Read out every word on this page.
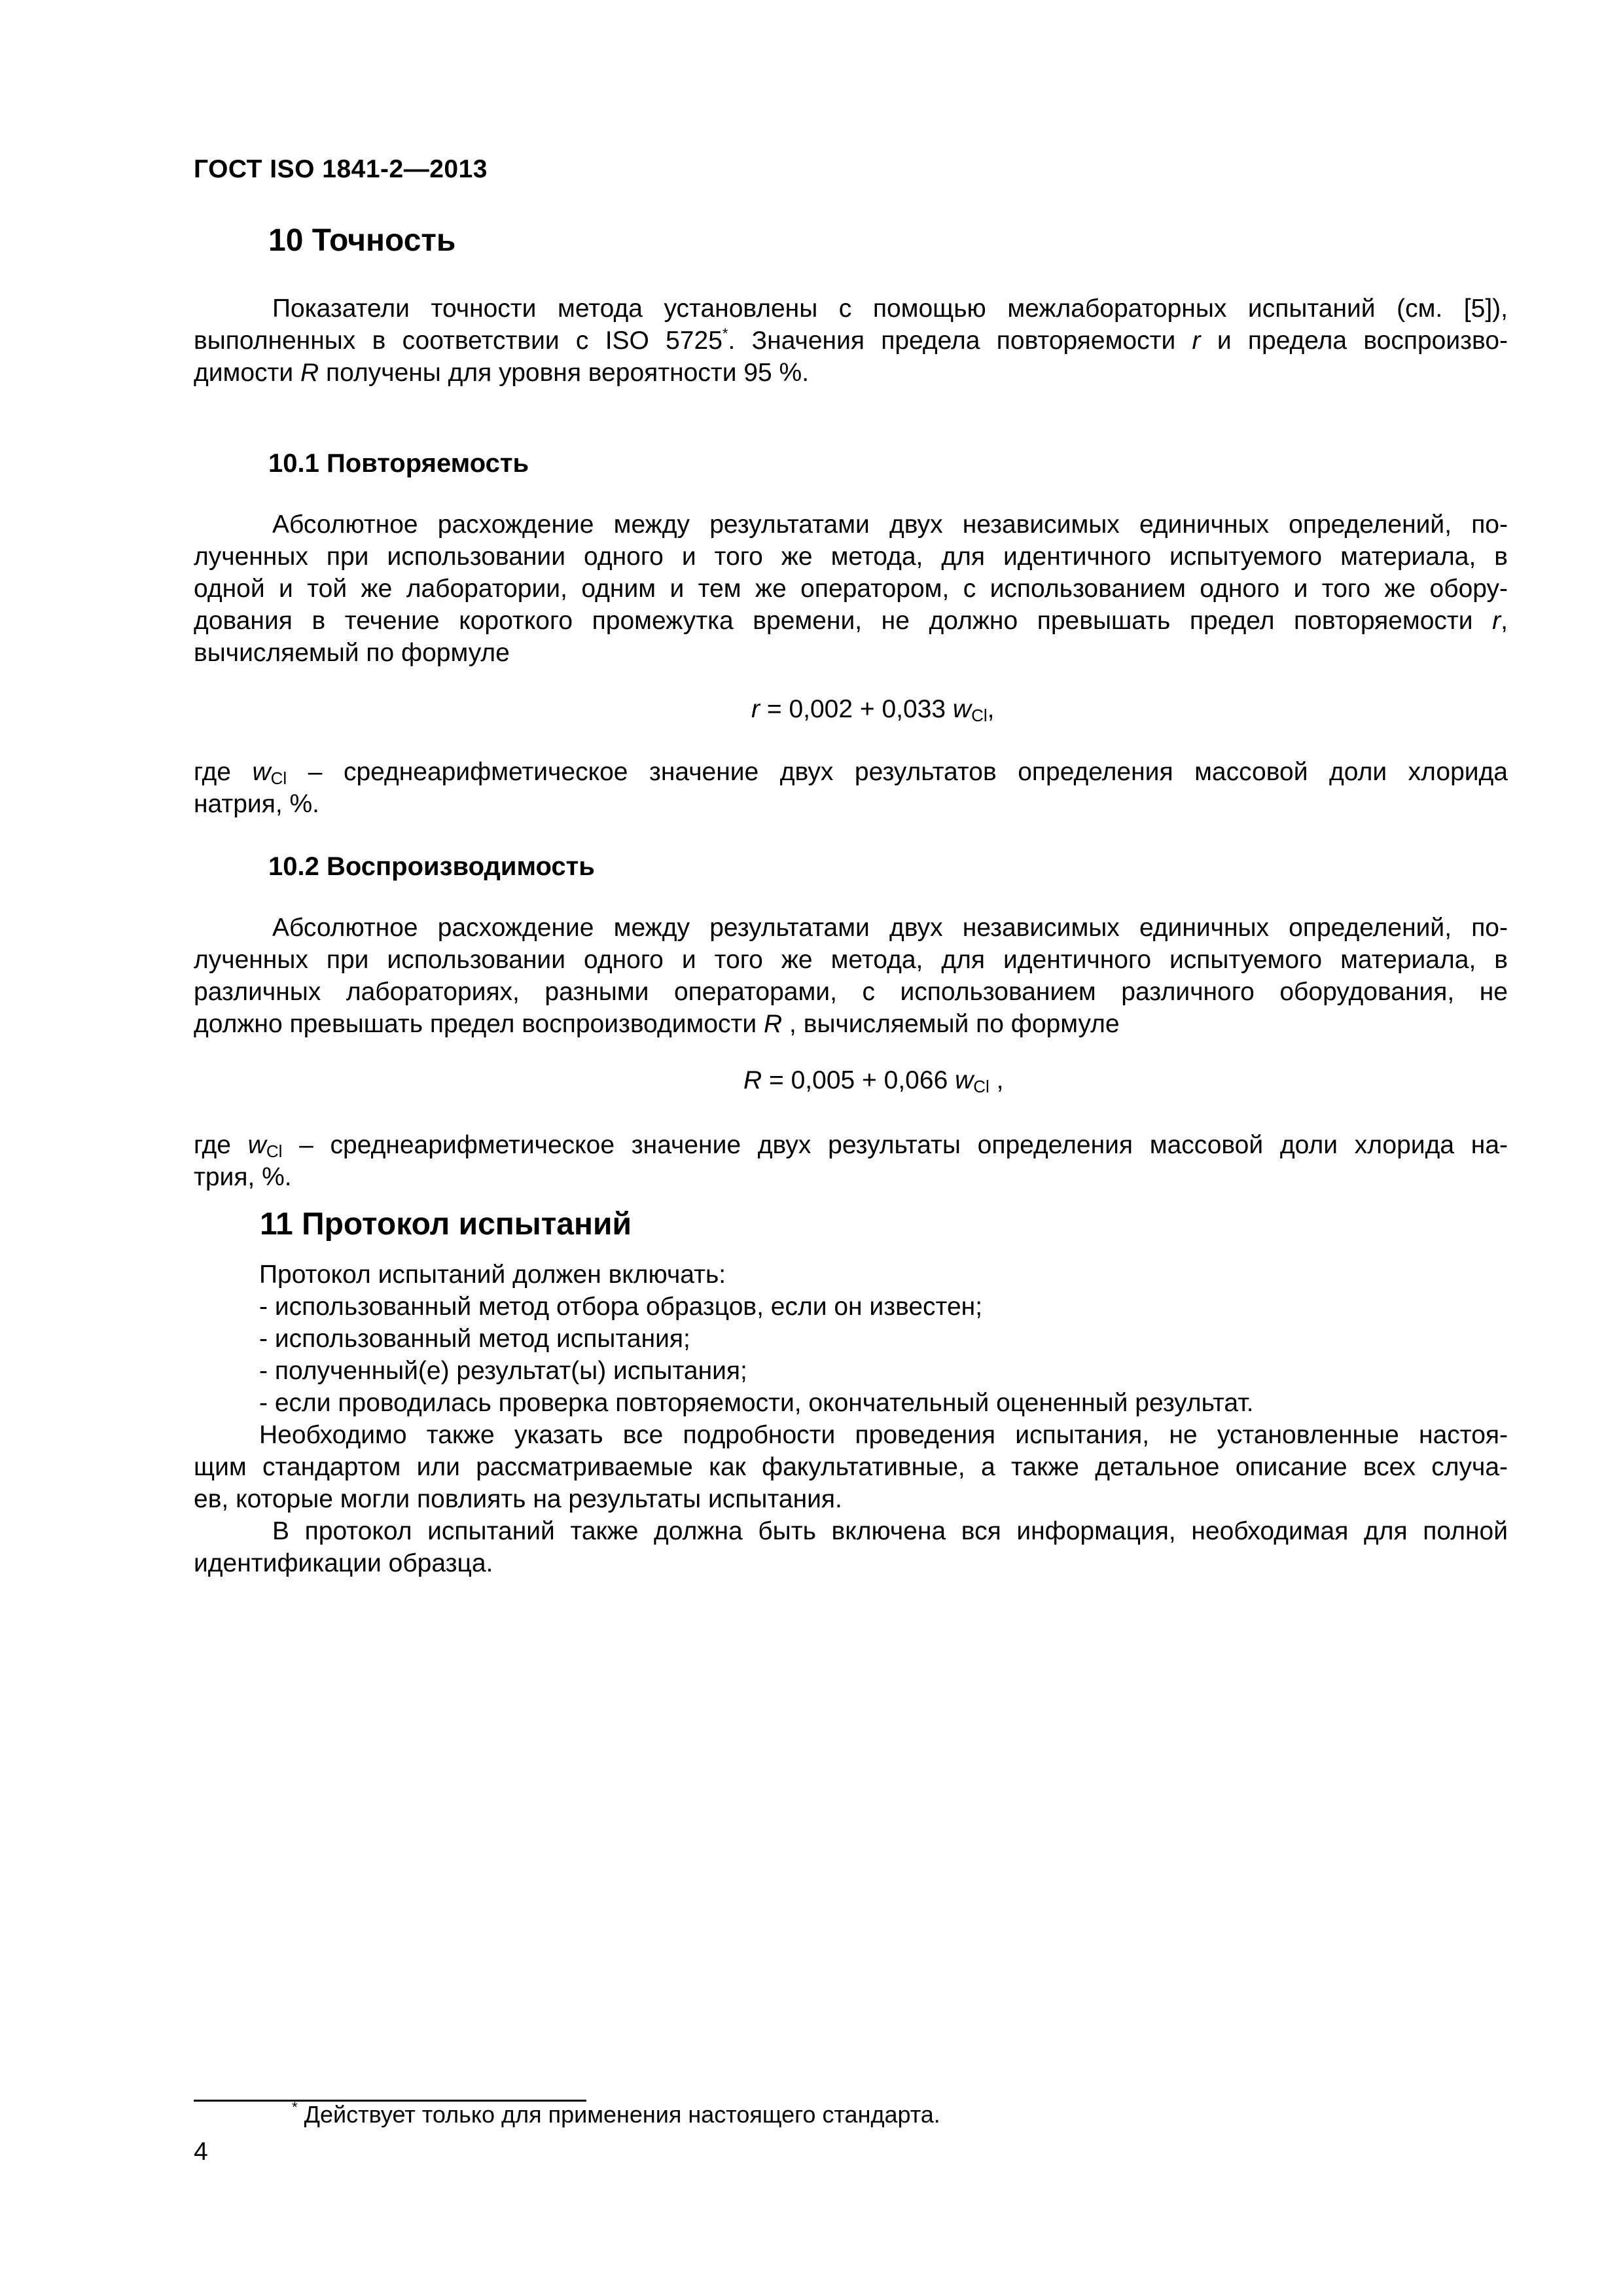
ГОСТ ISO 1841-2—2013
10 Точность
Показатели точности метода установлены с помощью межлабораторных испытаний (см. [5]),
выполненных в соответствии с ISO 5725*. Значения предела повторяемости r и предела воспроизво-
димости R получены для уровня вероятности 95 %.
10.1 Повторяемость
Абсолютное расхождение между результатами двух независимых единичных определений, по-
лученных при использовании одного и того же метода, для идентичного испытуемого материала, в
одной и той же лаборатории, одним и тем же оператором, с использованием одного и того же обору-
дования в течение короткого промежутка времени, не должно превышать предел повторяемости r,
вычисляемый по формуле
r = 0,002 + 0,033 $w_{Cl}$,
где $w_{Cl}$ – среднеарифметическое значение двух результатов определения массовой доли хлорида
натрия, %.
10.2 Воспроизводимость
Абсолютное расхождение между результатами двух независимых единичных определений, по-
лученных при использовании одного и того же метода, для идентичного испытуемого материала, в
различных лабораториях, разными операторами, с использованием различного оборудования, не
должно превышать предел воспроизводимости R , вычисляемый по формуле
R = 0,005 + 0,066 $w_{Cl}$ ,
где $w_{Cl}$ – среднеарифметическое значение двух результаты определения массовой доли хлорида на-
трия, %.
11 Протокол испытаний
Протокол испытаний должен включать:
- использованный метод отбора образцов, если он известен;
- использованный метод испытания;
- полученный(е) результат(ы) испытания;
- если проводилась проверка повторяемости, окончательный оцененный результат.
Необходимо также указать все подробности проведения испытания, не установленные настоя-
щим стандартом или рассматриваемые как факультативные, а также детальное описание всех случа-
ев, которые могли повлиять на результаты испытания.
В протокол испытаний также должна быть включена вся информация, необходимая для полной
идентификации образца.
* Действует только для применения настоящего стандарта.
4
